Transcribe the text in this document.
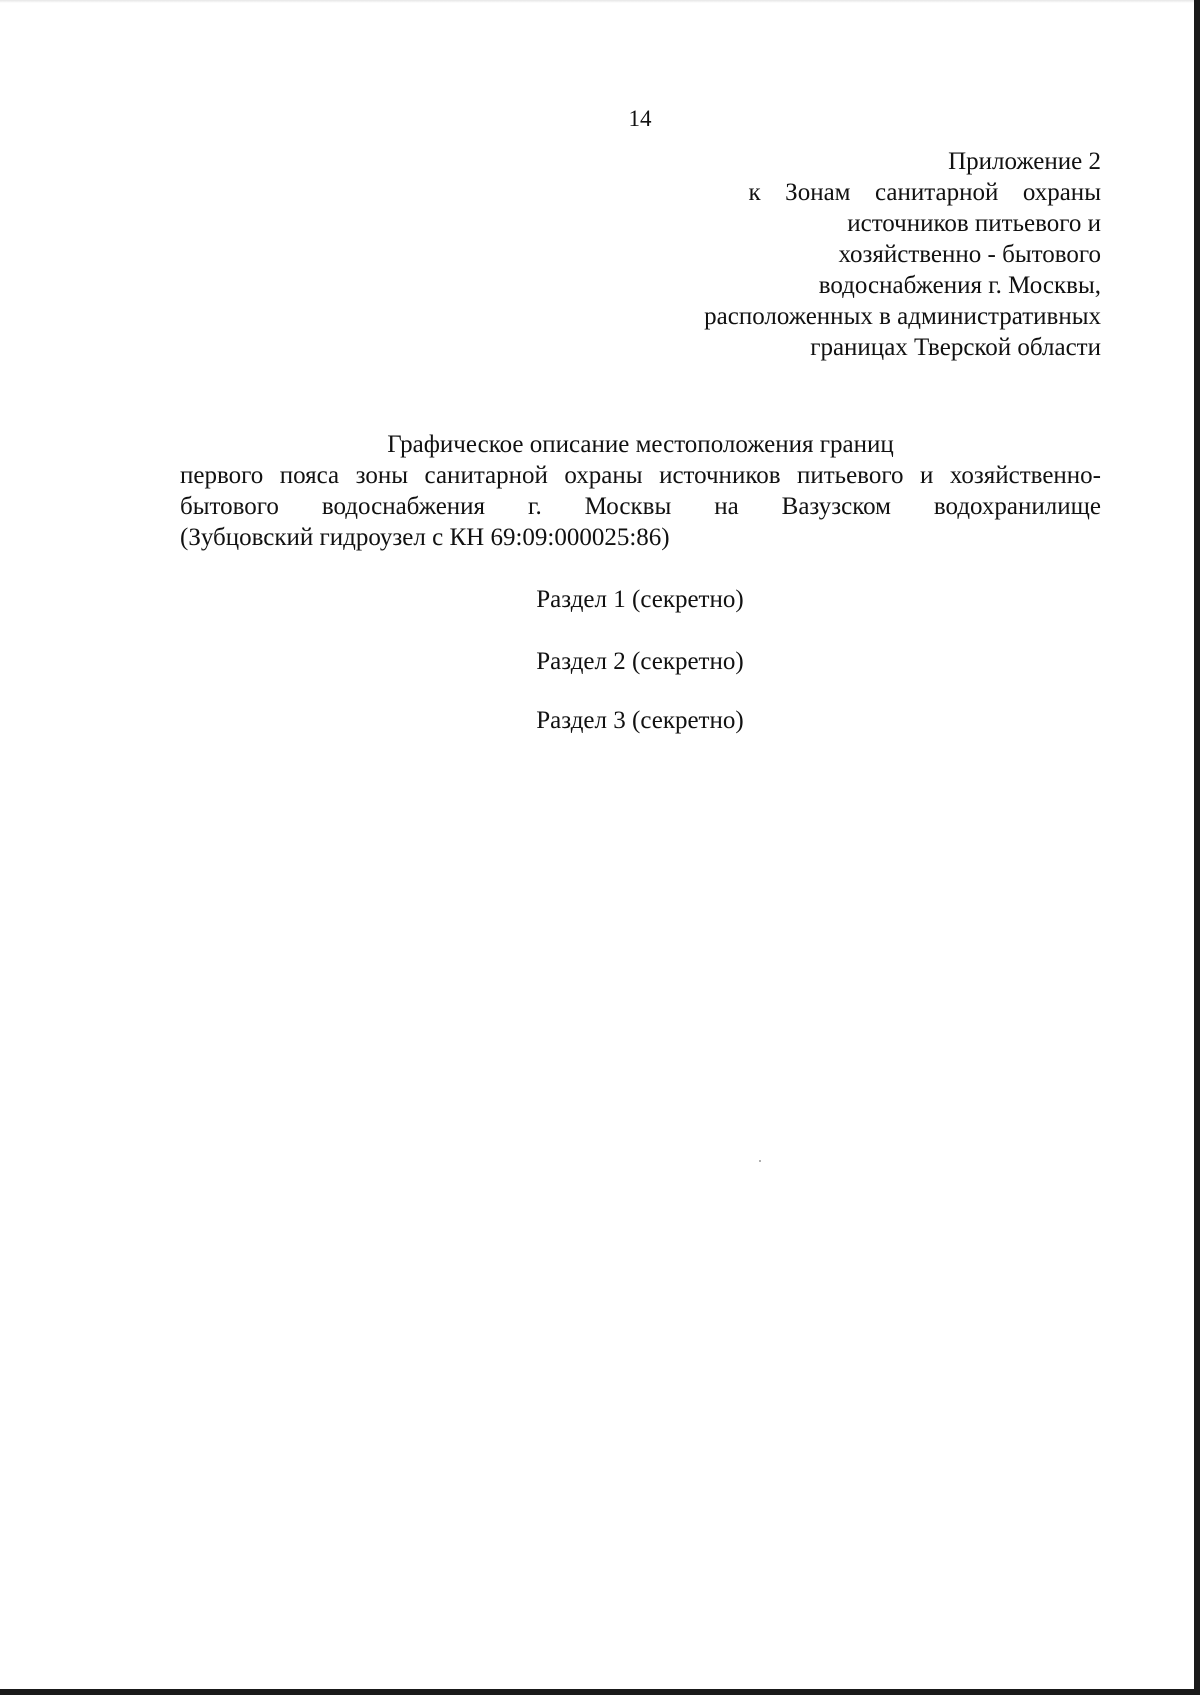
14
Приложение 2
к  Зонам  санитарной  охраны
источников питьевого и
хозяйственно - бытового
водоснабжения г. Москвы,
расположенных в административных
границах Тверской области
Графическое описание местоположения границ
первого пояса зоны санитарной охраны источников питьевого и хозяйственно-
бытового водоснабжения г. Москвы на Вазузском водохранилище
(Зубцовский гидроузел с КН 69:09:000025:86)
Раздел 1 (секретно)
Раздел 2 (секретно)
Раздел 3 (секретно)
